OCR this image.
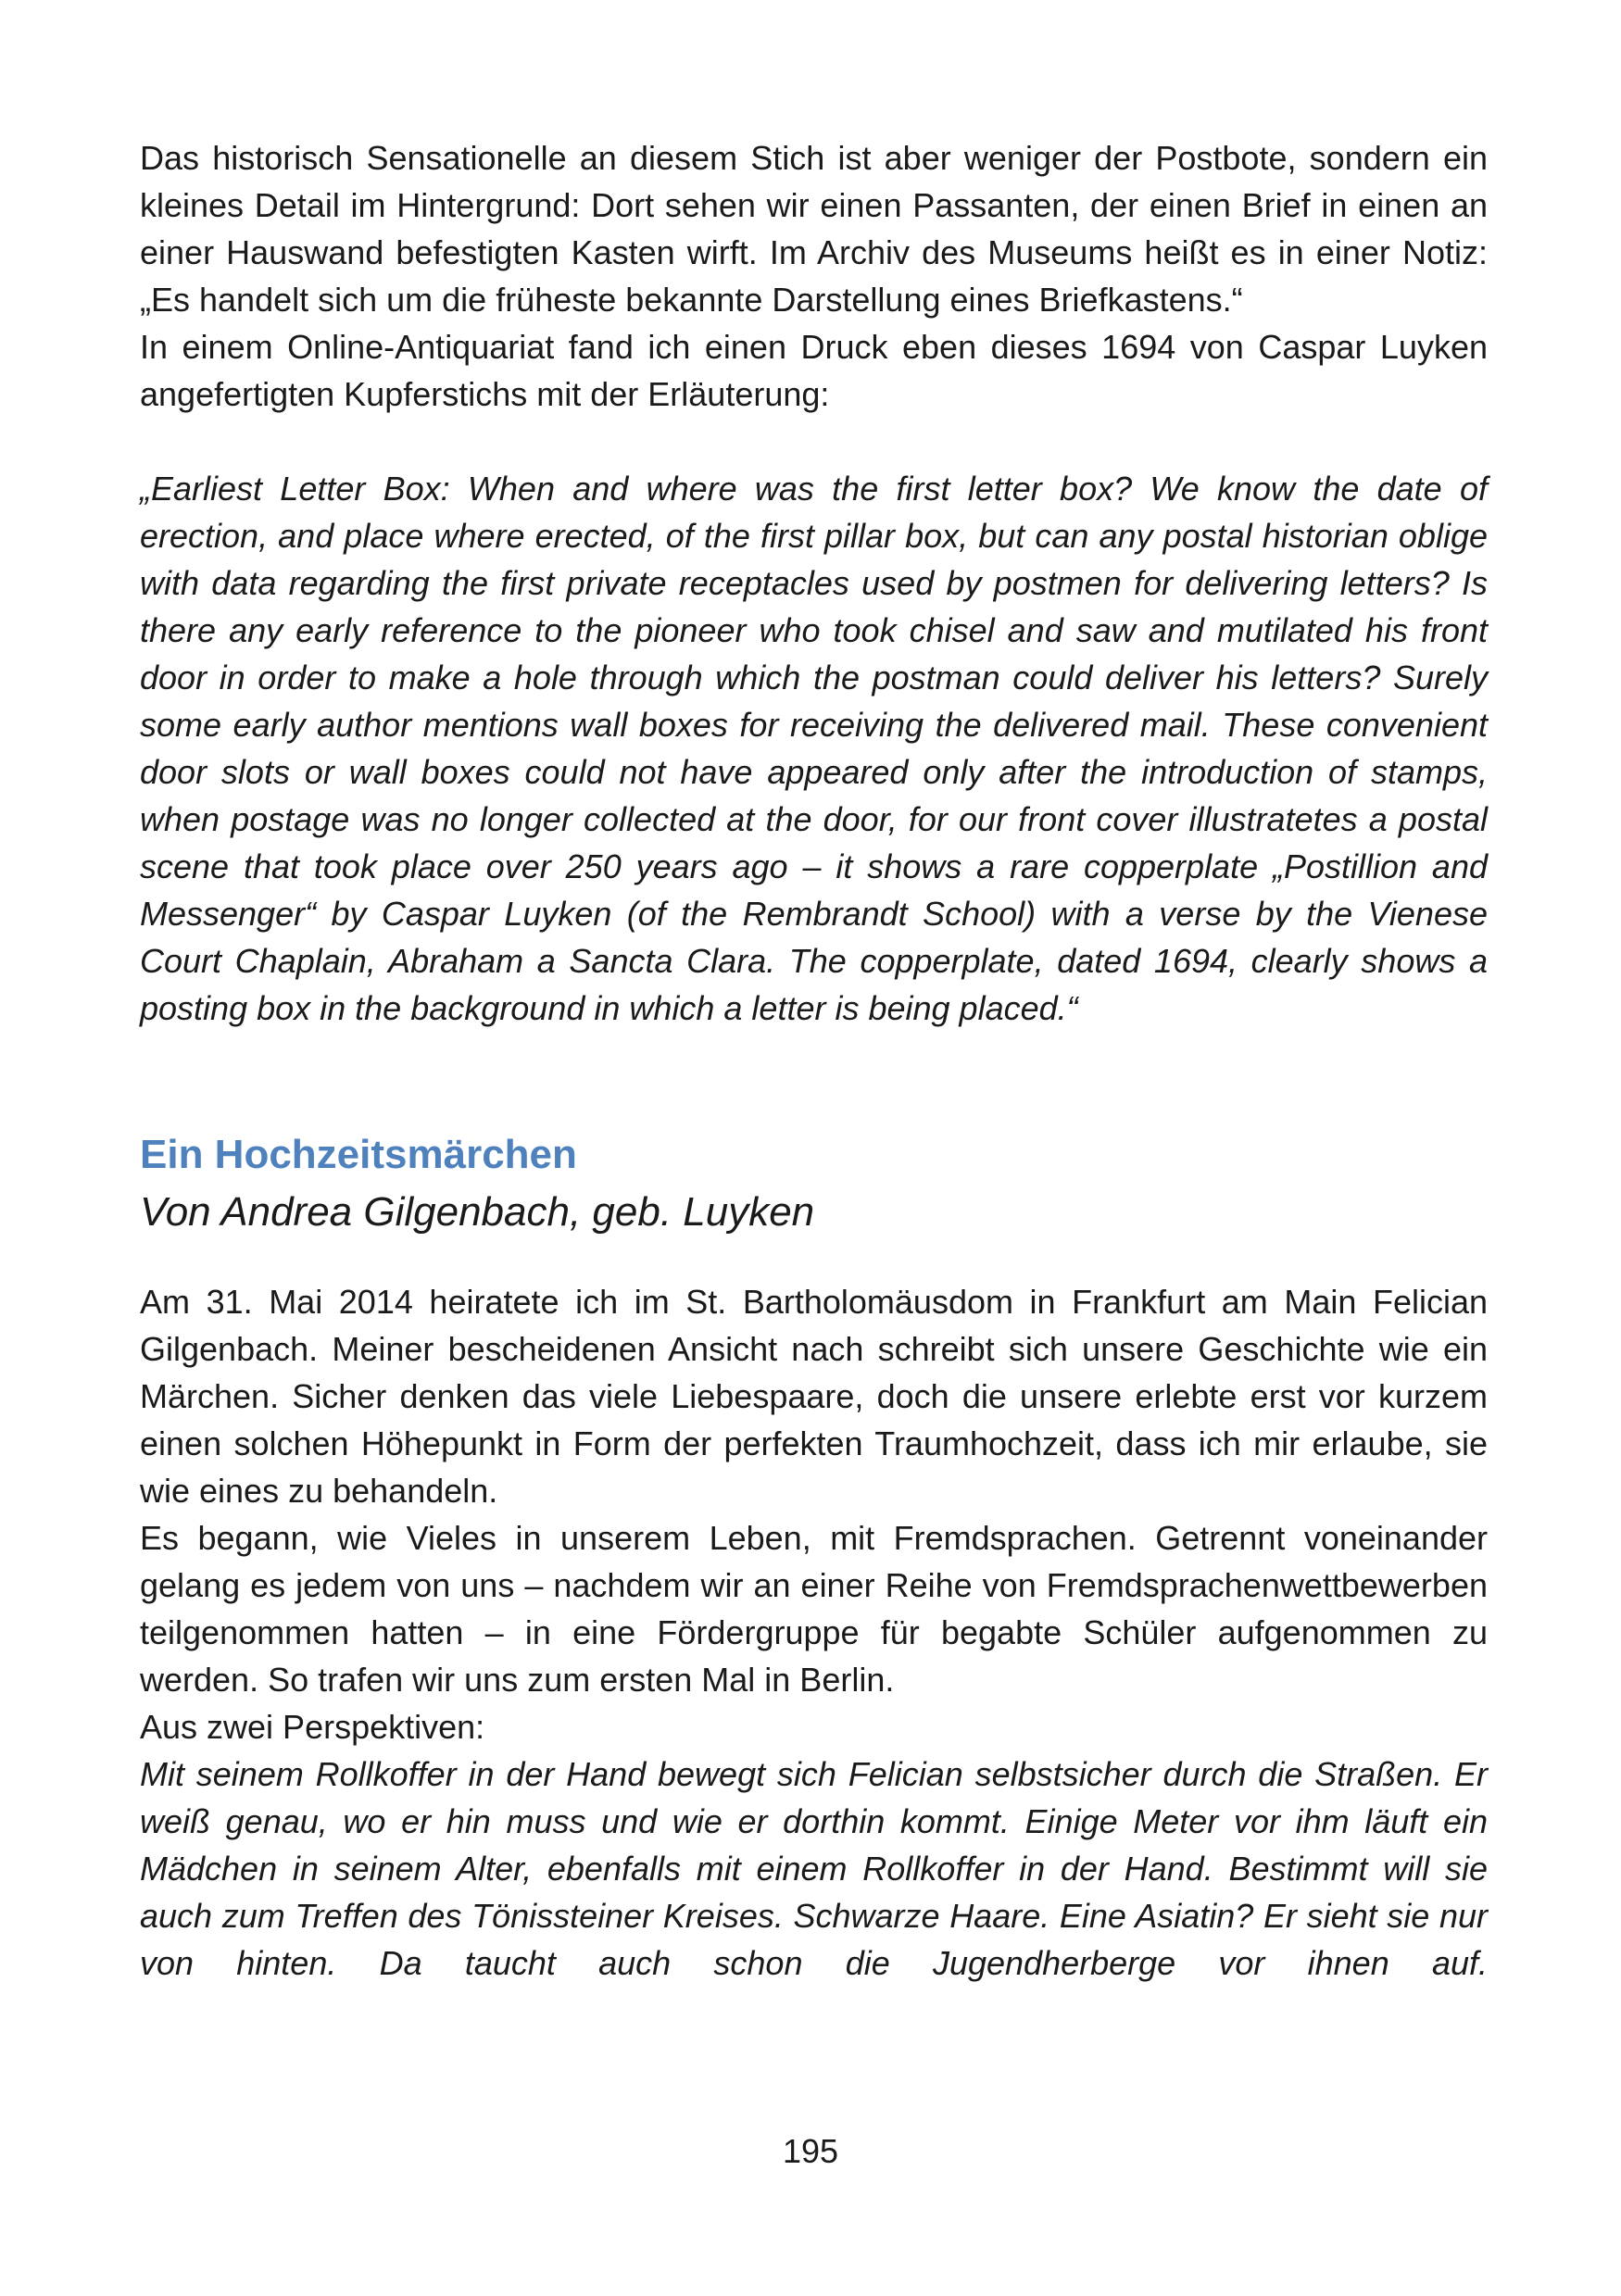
Das historisch Sensationelle an diesem Stich ist aber weniger der Postbote, sondern ein kleines Detail im Hintergrund: Dort sehen wir einen Passanten, der einen Brief in einen an einer Hauswand befestigten Kasten wirft. Im Archiv des Museums heißt es in einer Notiz: „Es handelt sich um die früheste bekannte Darstellung eines Briefkastens.“

In einem Online-Antiquariat fand ich einen Druck eben dieses 1694 von Caspar Luyken angefertigten Kupferstichs mit der Erläuterung:

„Earliest Letter Box: When and where was the first letter box? We know the date of erection, and place where erected, of the first pillar box, but can any postal historian oblige with data regarding the first private receptacles used by postmen for delivering letters? Is there any early reference to the pioneer who took chisel and saw and mutilated his front door in order to make a hole through which the postman could deliver his letters? Surely some early author mentions wall boxes for receiving the delivered mail. These convenient door slots or wall boxes could not have appeared only after the introduction of stamps, when postage was no longer collected at the door, for our front cover illustratetes a postal scene that took place over 250 years ago – it shows a rare copperplate „Postillion and Messenger“ by Caspar Luyken (of the Rembrandt School) with a verse by the Vienese Court Chaplain, Abraham a Sancta Clara. The copperplate, dated 1694, clearly shows a posting box in the background in which a letter is being placed.“

Ein Hochzeitsmärchen

Von Andrea Gilgenbach, geb. Luyken

Am 31. Mai 2014 heiratete ich im St. Bartholomäusdom in Frankfurt am Main Felician Gilgenbach. Meiner bescheidenen Ansicht nach schreibt sich unsere Geschichte wie ein Märchen. Sicher denken das viele Liebespaare, doch die unsere erlebte erst vor kurzem einen solchen Höhepunkt in Form der perfekten Traumhochzeit, dass ich mir erlaube, sie wie eines zu behandeln.

Es begann, wie Vieles in unserem Leben, mit Fremdsprachen. Getrennt voneinander gelang es jedem von uns – nachdem wir an einer Reihe von Fremdsprachenwettbewerben teilgenommen hatten – in eine Fördergruppe für begabte Schüler aufgenommen zu werden. So trafen wir uns zum ersten Mal in Berlin.

Aus zwei Perspektiven:

Mit seinem Rollkoffer in der Hand bewegt sich Felician selbstsicher durch die Straßen. Er weiß genau, wo er hin muss und wie er dorthin kommt. Einige Meter vor ihm läuft ein Mädchen in seinem Alter, ebenfalls mit einem Rollkoffer in der Hand. Bestimmt will sie auch zum Treffen des Tönissteiner Kreises. Schwarze Haare. Eine Asiatin? Er sieht sie nur von hinten. Da taucht auch schon die Jugendherberge vor ihnen auf.

195
